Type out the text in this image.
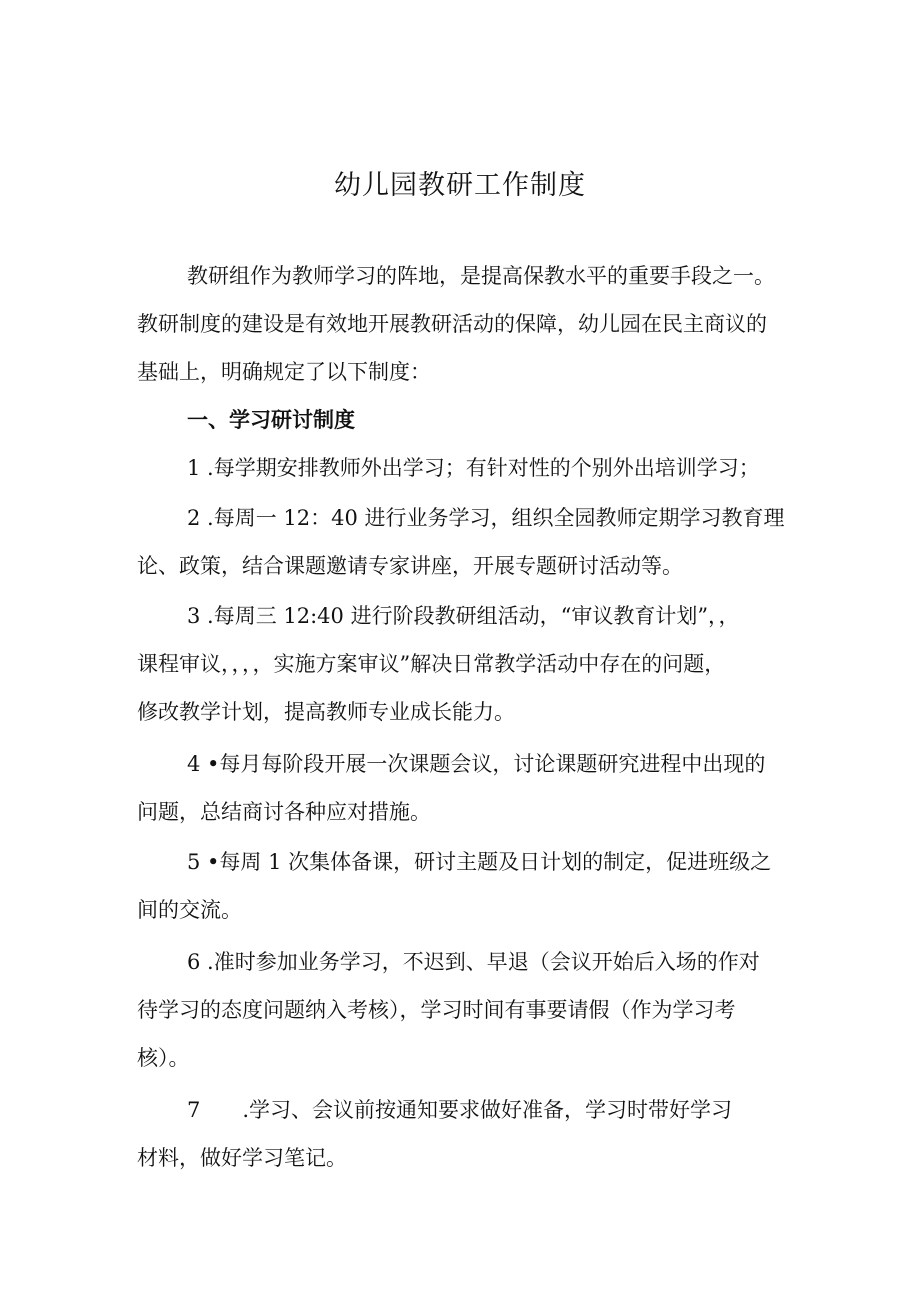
幼儿园教研工作制度
教研组作为教师学习的阵地，是提高保教水平的重要手段之一。
教研制度的建设是有效地开展教研活动的保障，幼儿园在民主商议的
基础上，明确规定了以下制度：
一、学习研讨制度
1 .每学期安排教师外出学习；有针对性的个别外出培训学习；
2 .每周一 12：40 进行业务学习，组织全园教师定期学习教育理
论、政策，结合课题邀请专家讲座，开展专题研讨活动等。
3 .每周三 12:40 进行阶段教研组活动，“审议教育计划”，，
课程审议，，，，实施方案审议”解决日常教学活动中存在的问题，
修改教学计划，提高教师专业成长能力。
4 •每月每阶段开展一次课题会议，讨论课题研究进程中出现的
问题，总结商讨各种应对措施。
5 •每周 1 次集体备课，研讨主题及日计划的制定，促进班级之
间的交流。
6 .准时参加业务学习，不迟到、早退（会议开始后入场的作对
待学习的态度问题纳入考核），学习时间有事要请假（作为学习考
核）。
7　　.学习、会议前按通知要求做好准备，学习时带好学习
材料，做好学习笔记。
